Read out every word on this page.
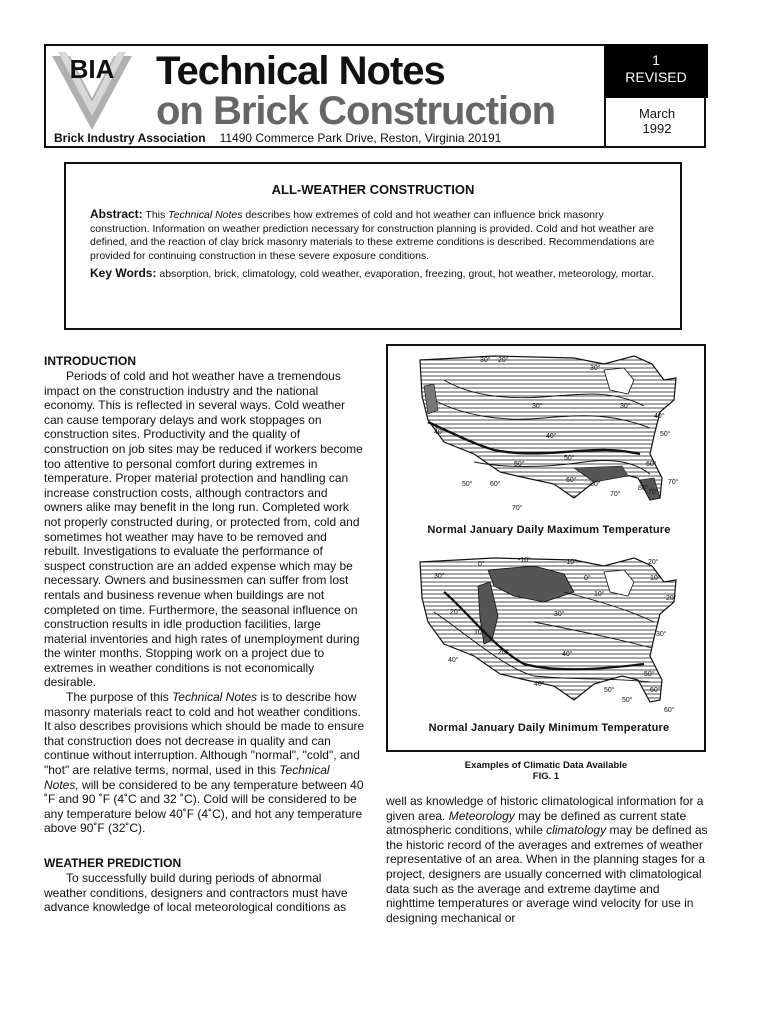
BIA Technical Notes
on Brick Construction
Brick Industry Association 11490 Commerce Park Drive, Reston, Virginia 20191
1
REVISED
March
1992
ALL-WEATHER CONSTRUCTION
Abstract: This Technical Notes describes how extremes of cold and hot weather can influence brick masonry construction. Information on weather prediction necessary for construction planning is provided. Cold and hot weather are defined, and the reaction of clay brick masonry materials to these extreme conditions is described. Recommendations are provided for continuing construction in these severe exposure conditions.
Key Words: absorption, brick, climatology, cold weather, evaporation, freezing, grout, hot weather, meteorology, mortar.
INTRODUCTION

Periods of cold and hot weather have a tremendous impact on the construction industry and the national economy. This is reflected in several ways. Cold weather can cause temporary delays and work stoppages on construction sites. Productivity and the quality of construction on job sites may be reduced if workers become too attentive to personal comfort during extremes in temperature. Proper material protection and handling can increase construction costs, although contractors and owners alike may benefit in the long run. Completed work not properly constructed during, or protected from, cold and sometimes hot weather may have to be removed and rebuilt. Investigations to evaluate the performance of suspect construction are an added expense which may be necessary. Owners and businessmen can suffer from lost rentals and business revenue when buildings are not completed on time. Furthermore, the seasonal influence on construction results in idle production facilities, large material inventories and high rates of unemployment during the winter months. Stopping work on a project due to extremes in weather conditions is not economically desirable.

The purpose of this Technical Notes is to describe how masonry materials react to cold and hot weather conditions. It also describes provisions which should be made to ensure that construction does not decrease in quality and can continue without interruption. Although "normal", "cold", and "hot" are relative terms, normal, used in this Technical Notes, will be considered to be any temperature between 40 ˚F and 90 ˚F (4˚C and 32 ˚C). Cold will be considered to be any temperature below 40˚F (4˚C), and hot any temperature above 90˚F (32˚C).

WEATHER PREDICTION

To successfully build during periods of abnormal weather conditions, designers and contractors must have advance knowledge of local meteorological conditions as

30° 20°
30°
30°
40°
50°
60°
70°
70°
80°
50°
40°
30°
40°
50°
60°
70°
70°
80°
60°
50°
Normal January Daily Maximum Temperature
0°
-10°	-10°
0°
10°
20°
30°
20°
10°
30°
40°
20°
10°
20°
30°
40°
50°
40°
50°
60°
50°
60°
Normal January Daily Minimum Temperature
Examples of Climatic Data Available
FIG. 1
well as knowledge of historic climatological information for a given area. Meteorology may be defined as current state atmospheric conditions, while climatology may be defined as the historic record of the averages and extremes of weather representative of an area. When in the planning stages for a project, designers are usually concerned with climatological data such as the average and extreme daytime and nighttime temperatures or average wind velocity for use in designing mechanical or
